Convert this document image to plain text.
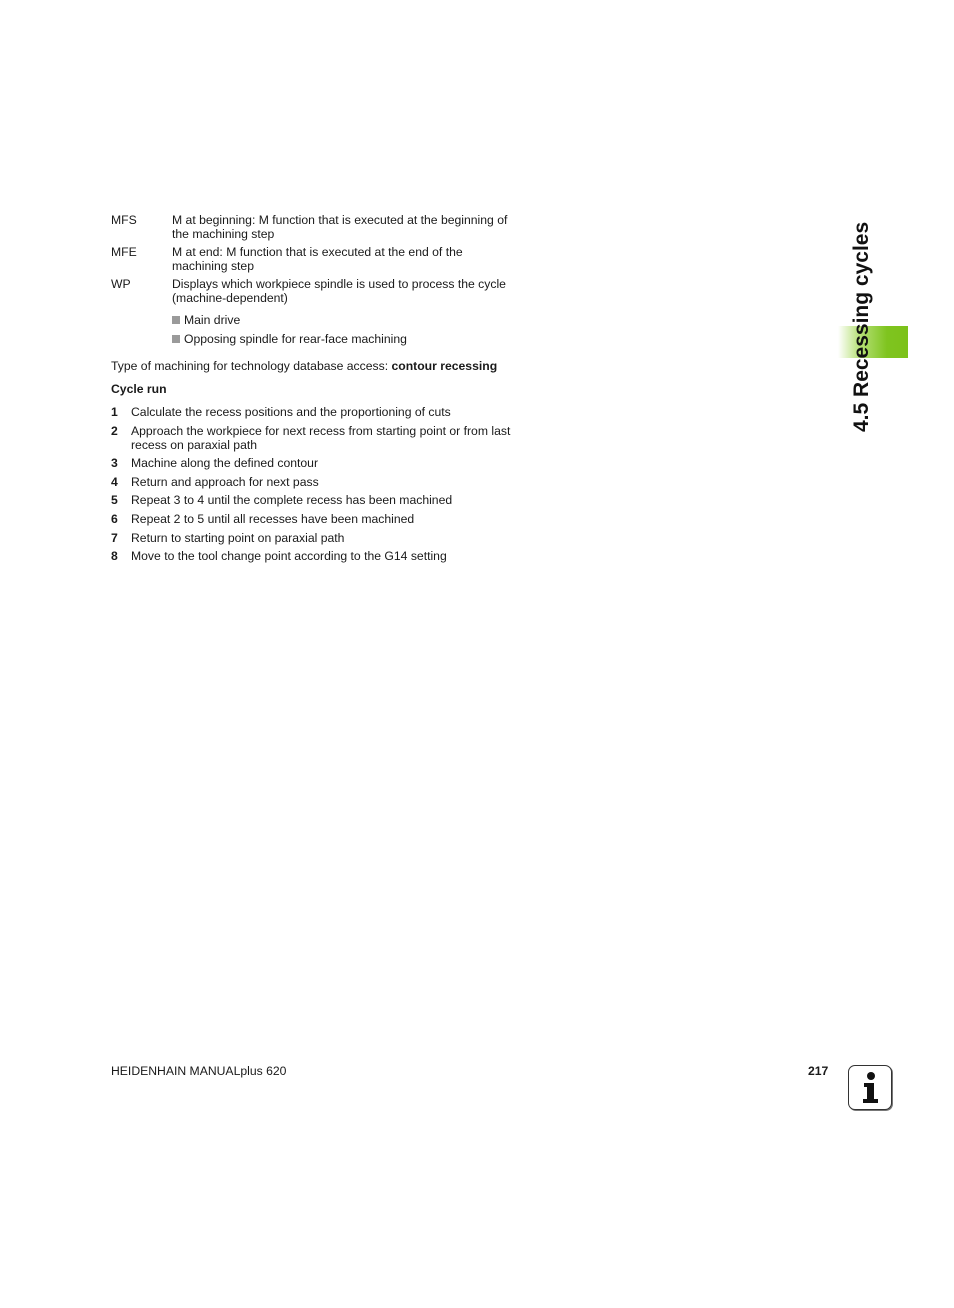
4.5 Recessing cycles
MFS	M at beginning: M function that is executed at the beginning of the machining step
MFE	M at end: M function that is executed at the end of the machining step
WP	Displays which workpiece spindle is used to process the cycle (machine-dependent)
Main drive
Opposing spindle for rear-face machining
Type of machining for technology database access: contour recessing
Cycle run
1	Calculate the recess positions and the proportioning of cuts
2	Approach the workpiece for next recess from starting point or from last recess on paraxial path
3	Machine along the defined contour
4	Return and approach for next pass
5	Repeat 3 to 4 until the complete recess has been machined
6	Repeat 2 to 5 until all recesses have been machined
7	Return to starting point on paraxial path
8	Move to the tool change point according to the G14 setting
HEIDENHAIN MANUALplus 620	217
